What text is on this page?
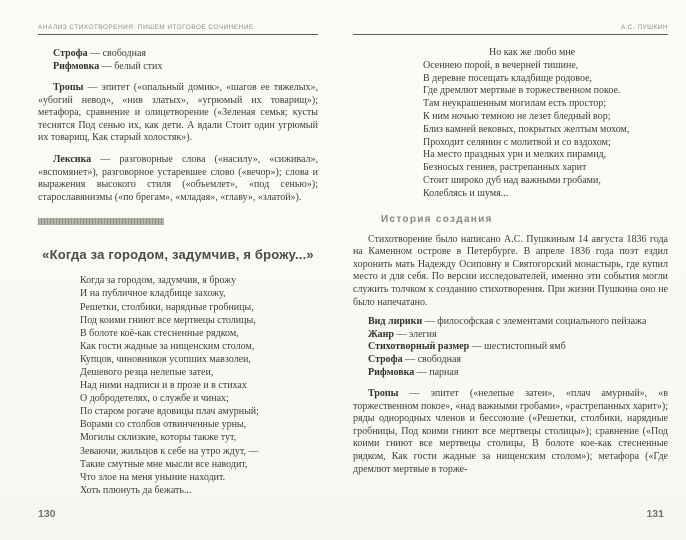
АНАЛИЗ СТИХОТВОРЕНИЯ: ПИШЕМ ИТОГОВОЕ СОЧИНЕНИЕ

Строфа — свободная

Рифмовка — белый стих

Тропы — эпитет («опальный домик», «шагов ее тяжелых», «убогий невод», «нив златых», «угрюмый их товарищ»); метафора, сравнение и олицетворение («Зеленая семья; кусты теснятся Под сенью их, как дети. А вдали Стоит один угрюмый их товарищ, Как старый холостяк»).

Лексика — разговорные слова («насилу», «сиживал», «вспомянет»), разговорное устаревшее слово («вечор»); слова и выражения высокого стиля («объемлет», «под сенью»); старославянизмы («по брегам», «младая», «главу», «златой»).

«Когда за городом, задумчив, я брожу...»
Когда за городом, задумчив, я брожу
И на публичное кладбище захожу,
Решетки, столбики, нарядные гробницы,
Под коими гниют все мертвецы столицы,
В болоте коё-как стесненные рядком,
Как гости жадные за нищенским столом,
Купцов, чиновников усопших мавзолеи,
Дешевого резца нелепые затеи,
Над ними надписи и в прозе и в стихах
О добродетелях, о службе и чинах;
По старом рогаче вдовицы плач амурный;
Ворами со столбов отвинченные урны,
Могилы склизкие, которы также тут,
Зеваючи, жильцов к себе на утро ждут, —
Такие смутные мне мысли все наводит,
Что злое на меня уныние находит.
Хоть плюнуть да бежать...
130
А.С. ПУШКИН
Но как же любо мне
Осеннею порой, в вечерней тишине,
В деревне посещать кладбище родовое,
Где дремлют мертвые в торжественном покое.
Там неукрашенным могилам есть простор;
К ним ночью темною не лезет бледный вор;
Близ камней вековых, покрытых желтым мохом,
Проходит селянин с молитвой и со вздохом;
На место праздных урн и мелких пирамид,
Безносых гениев, растрепанных харит
Стоит широко дуб над важными гробами,
Колеблясь и шумя...
История создания

Стихотворение было написано А.С. Пушкиным 14 августа 1836 года на Каменном острове в Петербурге. В апреле 1836 года поэт ездил хоронить мать Надежду Осиповну в Святогорский монастырь, где купил место и для себя. По версии исследователей, именно эти события могли служить толчком к созданию стихотворения. При жизни Пушкина оно не было напечатано.

Вид лирики — философская с элементами социального пейзажа

Жанр — элегия

Стихотворный размер — шестистопный ямб

Строфа — свободная

Рифмовка — парная

Тропы — эпитет («нелепые затеи», «плач амурный», «в торжественном покое», «над важными гробами», «растрепанных харит»); ряды однородных членов и бессоюзие («Решетки, столбики, нарядные гробницы, Под коими гниют все мертвецы столицы»); сравнение («Под коими гниют все мертвецы столицы, В болоте кое-как стесненные рядком, Как гости жадные за нищенским столом»); метафора («Где дремлют мертвые в торже-

131
